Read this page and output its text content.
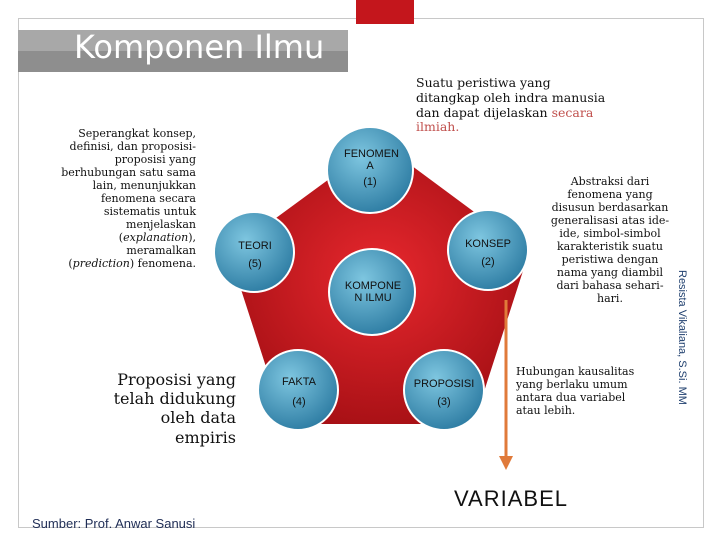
Komponen Ilmu
FENOMEN A
(1)
KONSEP
(2)
PROPOSISI
(3)
FAKTA
(4)
TEORI
(5)
KOMPONE N ILMU
Seperangkat konsep,
definisi, dan proposisi-
proposisi yang
berhubungan satu sama
lain, menunjukkan
fenomena secara
sistematis untuk
menjelaskan
(explanation),
meramalkan
(prediction) fenomena.
Proposisi yang
telah didukung
oleh data
empiris
Suatu peristiwa yang
ditangkap oleh indra manusia
dan dapat dijelaskan secara
ilmiah.
Abstraksi dari
fenomena yang
disusun berdasarkan
generalisasi atas ide-
ide, simbol-simbol
karakteristik suatu
peristiwa dengan
nama yang diambil
dari bahasa sehari-
hari.
Hubungan kausalitas
yang berlaku umum
antara dua variabel
atau lebih.
Resista Vikaliana, S.Si. MM
VARIABEL
Sumber: Prof. Anwar Sanusi
